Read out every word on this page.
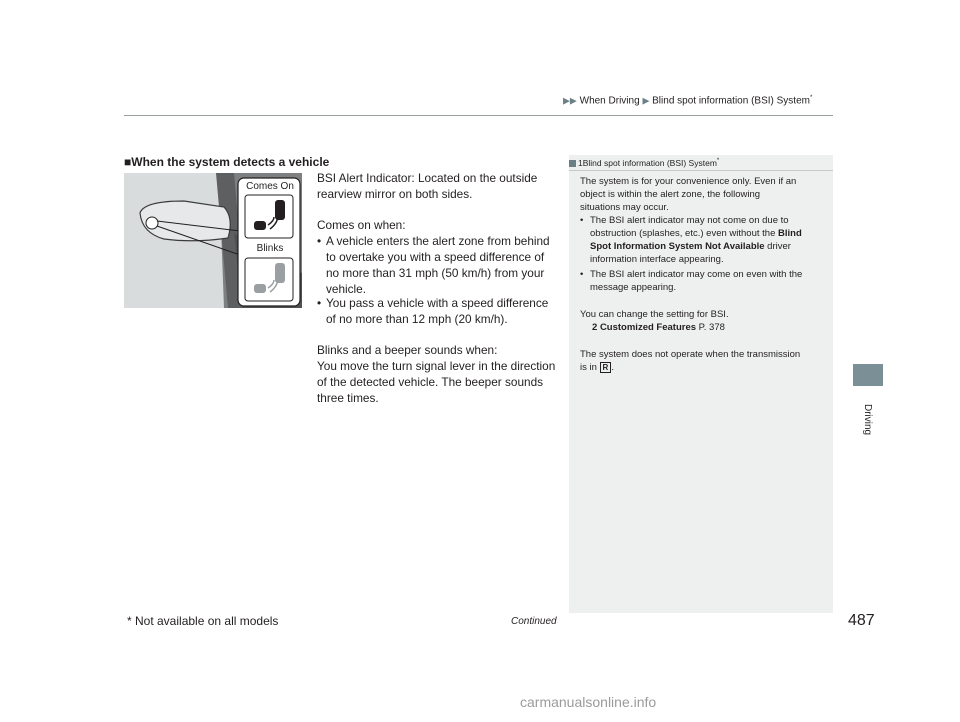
▶▶ When Driving ▶ Blind spot information (BSI) System*
Driving
■When the system detects a vehicle
Comes On
Blinks
BSI Alert Indicator: Located on the outside
rearview mirror on both sides.
Comes on when:
• A vehicle enters the alert zone from behind
to overtake you with a speed difference of
no more than 31 mph (50 km/h) from your
vehicle.
• You pass a vehicle with a speed difference
of no more than 12 mph (20 km/h).
Blinks and a beeper sounds when:
You move the turn signal lever in the direction
of the detected vehicle. The beeper sounds
three times.
1Blind spot information (BSI) System*
The system is for your convenience only. Even if an
object is within the alert zone, the following
situations may occur.
• The BSI alert indicator may not come on due to
obstruction (splashes, etc.) even without the Blind
Spot Information System Not Available driver
information interface appearing.
• The BSI alert indicator may come on even with the
message appearing.
You can change the setting for BSI.
2 Customized Features P. 378
The system does not operate when the transmission
is in R .
Continued
* Not available on all models	487
carmanualsonline.info
